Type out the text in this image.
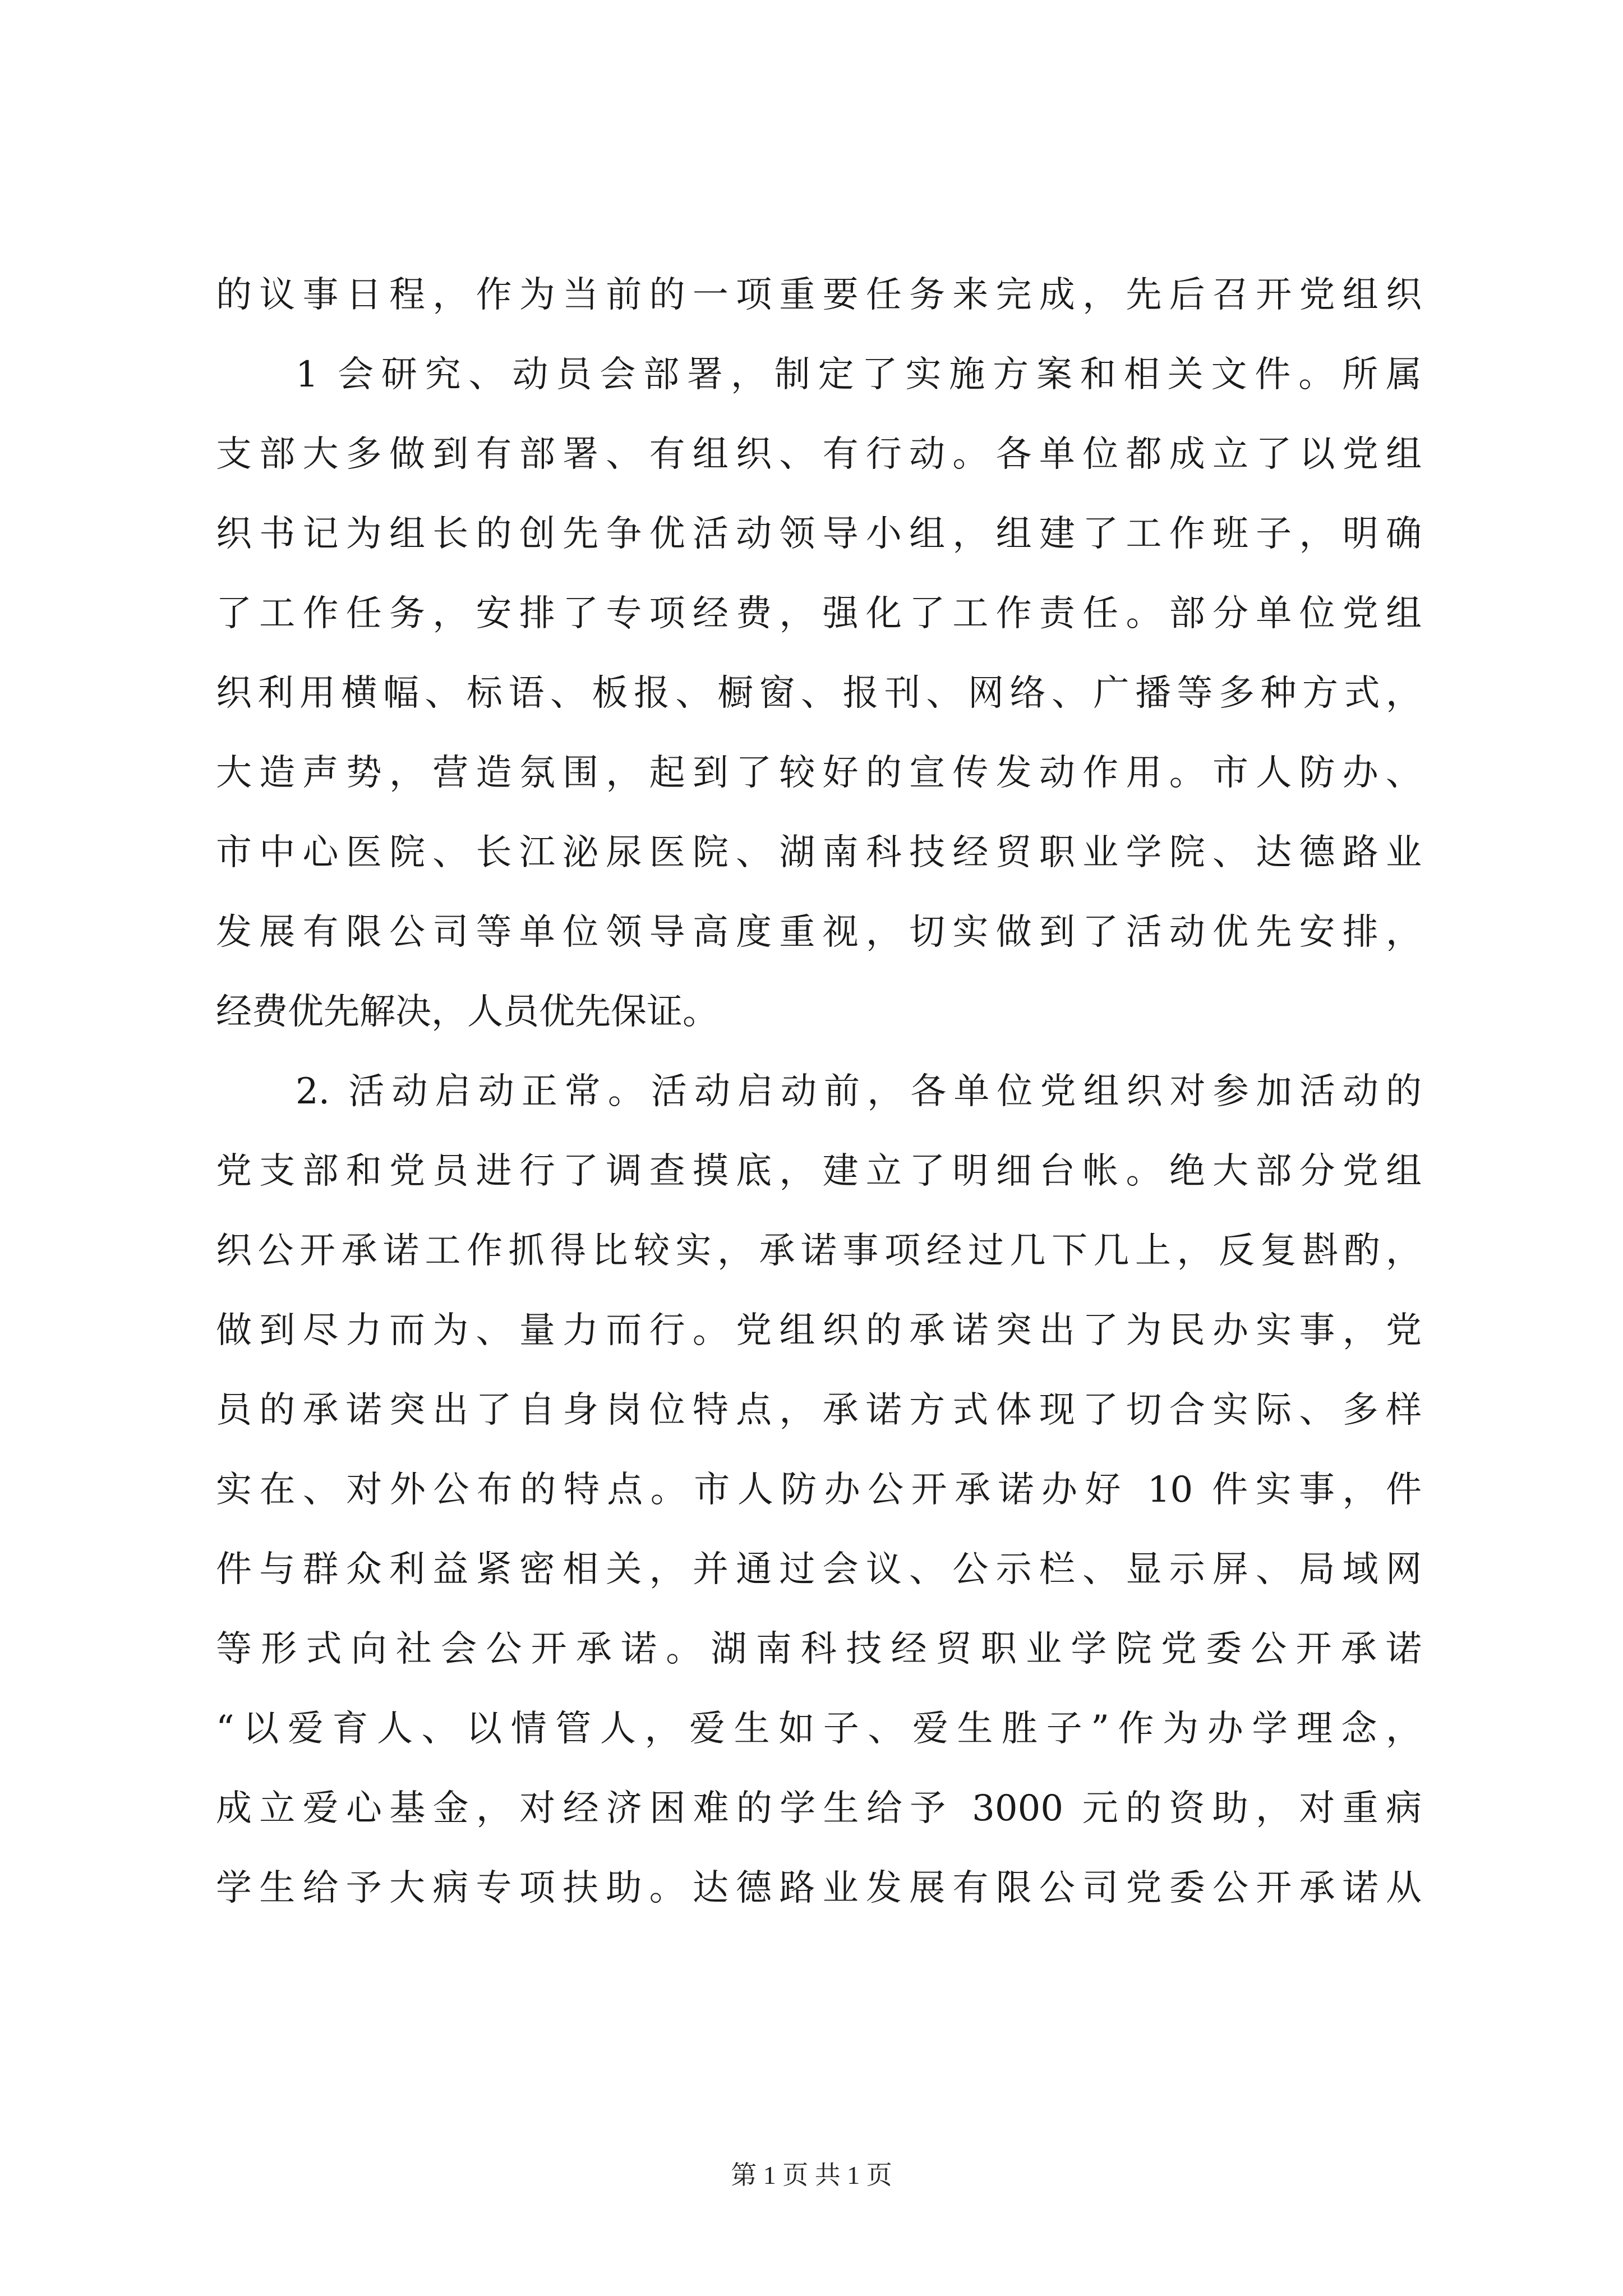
的议事日程，作为当前的一项重要任务来完成，先后召开党组织
1 会研究、动员会部署，制定了实施方案和相关文件。所属
支部大多做到有部署、有组织、有行动。各单位都成立了以党组
织书记为组长的创先争优活动领导小组，组建了工作班子，明确
了工作任务，安排了专项经费，强化了工作责任。部分单位党组
织利用横幅、标语、板报、橱窗、报刊、网络、广播等多种方式，
大造声势，营造氛围，起到了较好的宣传发动作用。市人防办、
市中心医院、长江泌尿医院、湖南科技经贸职业学院、达德路业
发展有限公司等单位领导高度重视，切实做到了活动优先安排，
经费优先解决，人员优先保证。
2. 活动启动正常。活动启动前，各单位党组织对参加活动的
党支部和党员进行了调查摸底，建立了明细台帐。绝大部分党组
织公开承诺工作抓得比较实，承诺事项经过几下几上，反复斟酌，
做到尽力而为、量力而行。党组织的承诺突出了为民办实事，党
员的承诺突出了自身岗位特点，承诺方式体现了切合实际、多样
实在、对外公布的特点。市人防办公开承诺办好 10 件实事，件
件与群众利益紧密相关，并通过会议、公示栏、显示屏、局域网
等形式向社会公开承诺。湖南科技经贸职业学院党委公开承诺
“以爱育人、以情管人，爱生如子、爱生胜子”作为办学理念，
成立爱心基金，对经济困难的学生给予 3000 元的资助，对重病
学生给予大病专项扶助。达德路业发展有限公司党委公开承诺从
第 1 页 共 1 页
